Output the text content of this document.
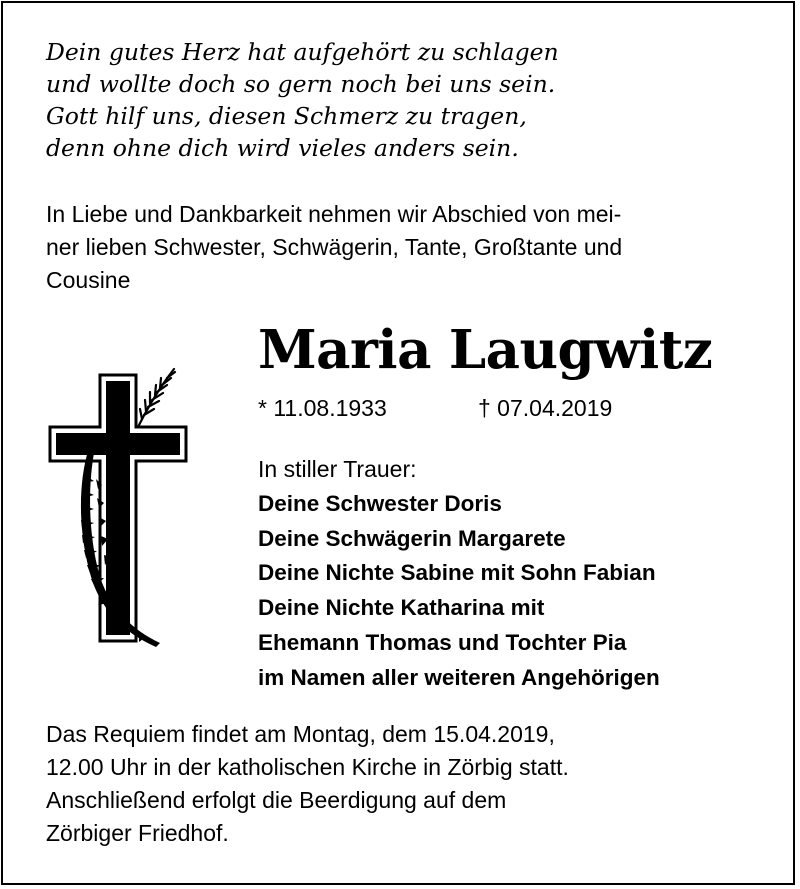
Dein gutes Herz hat aufgehört zu schlagen
und wollte doch so gern noch bei uns sein.
Gott hilf uns, diesen Schmerz zu tragen,
denn ohne dich wird vieles anders sein.
In Liebe und Dankbarkeit nehmen wir Abschied von mei-
ner lieben Schwester, Schwägerin, Tante, Großtante und
Cousine
Maria Laugwitz
* 11.08.1933	† 07.04.2019
In stiller Trauer:
Deine Schwester Doris
Deine Schwägerin Margarete
Deine Nichte Sabine mit Sohn Fabian
Deine Nichte Katharina mit
Ehemann Thomas und Tochter Pia
im Namen aller weiteren Angehörigen
Das Requiem findet am Montag, dem 15.04.2019,
12.00 Uhr in der katholischen Kirche in Zörbig statt.
Anschließend erfolgt die Beerdigung auf dem
Zörbiger Friedhof.
